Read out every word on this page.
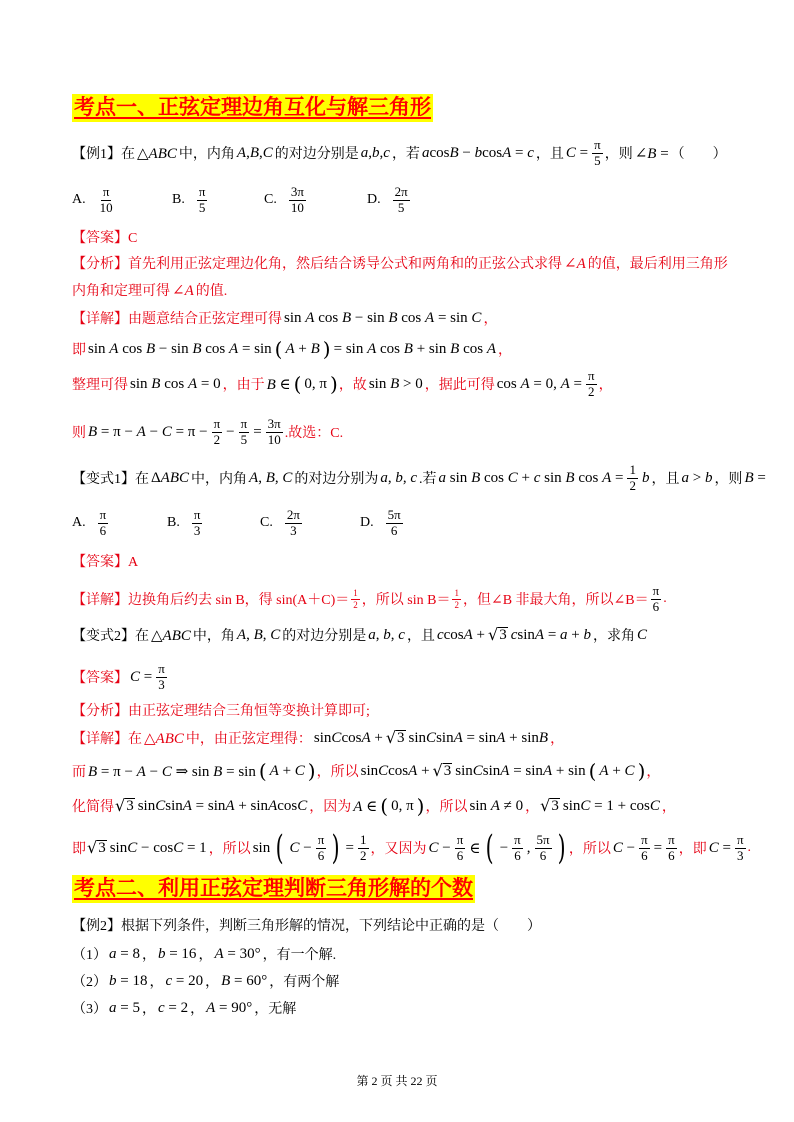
考点一、正弦定理边角互化与解三角形
【例1】在 △ABC 中，内角 A,B,C 的对边分别是 a,b,c ，若 acosB − bcosA = c ，且 $C = \frac{\pi}{5}$ ，则 ∠B = （　　）
A. $\frac{\pi}{10}$	B. $\frac{\pi}{5}$	C. $\frac{3\pi}{10}$	D. $\frac{2\pi}{5}$
【答案】C
【分析】首先利用正弦定理边化角，然后结合诱导公式和两角和的正弦公式求得 ∠A 的值，最后利用三角形
内角和定理可得 ∠A 的值.
【详解】由题意结合正弦定理可得 sin A cos B − sin B cos A = sin C ，
即 sin A cos B − sin B cos A = sin ( A + B ) = sin A cos B + sin B cos A ，
整理可得 sin B cos A = 0 ，由于 B ∈ ( 0, π ) ，故 sin B > 0 ，据此可得 cos A = 0, $A = \frac{\pi}{2}$ ，
则 $B = \pi - A - C = \pi - \frac{\pi}{2} - \frac{\pi}{5} = \frac{3\pi}{10}$ .故选：C.
【变式1】在 ΔABC 中，内角 A, B, C 的对边分别为 a, b, c .若 a sin B cos C + c sin B $\cos A = \frac{1}{2}$ b ，且 a > b ，则 B =
A. $\frac{\pi}{6}$	B. $\frac{\pi}{3}$	C. $\frac{2\pi}{3}$	D. $\frac{5\pi}{6}$
【答案】A
【详解】边换角后约去 sin B，得 $\sin(A+C)= \frac{1}{2}$ ，所以 $\sin B= \frac{1}{2}$ ，但∠B 非最大角，所以∠B＝ $\frac{\pi}{6}$ .
【变式2】在 △ABC 中，角 A, B, C 的对边分别是 a, b, c ，且 ccosA + √ 3 csinA = a + b ，求角 C
【答案】 $C = \frac{\pi}{3}$
【分析】由正弦定理结合三角恒等变换计算即可;
【详解】在 △ABC 中，由正弦定理得： sinCcosA + √ 3 sinCsinA = sinA + sinB ，
而 B = π − A − C ⇒ sin B = sin ( A + C ) ，所以 sinCcosA + √ 3 sinCsinA = sinA + sin ( A + C ) ，
化简得 √ 3 sinCsinA = sinA + sinAcosC ，因为 A ∈ ( 0, π ) ，所以 sin A ≠ 0 ， √ 3 sinC = 1 + cosC ，
即 √ 3 sinC − cosC = 1 ，所以 sin ( $C - \frac{\pi}{6}$ ) = $\frac{1}{2}$ ，又因为 $C - \frac{\pi}{6}$ ∈ ( − $\frac{\pi}{6}$ , $\frac{5\pi}{6}$ ) ，所以 $C - \frac{\pi}{6} = \frac{\pi}{6}$ ，即 $C = \frac{\pi}{3}$ .
考点二、利用正弦定理判断三角形解的个数
【例2】根据下列条件，判断三角形解的情况，下列结论中正确的是（　　）
（1） a = 8 ， b = 16 ， A = 30° ，有一个解.
（2） b = 18 ， c = 20 ， B = 60° ，有两个解
（3） a = 5 ， c = 2 ， A = 90° ，无解
第 2 页 共 22 页
